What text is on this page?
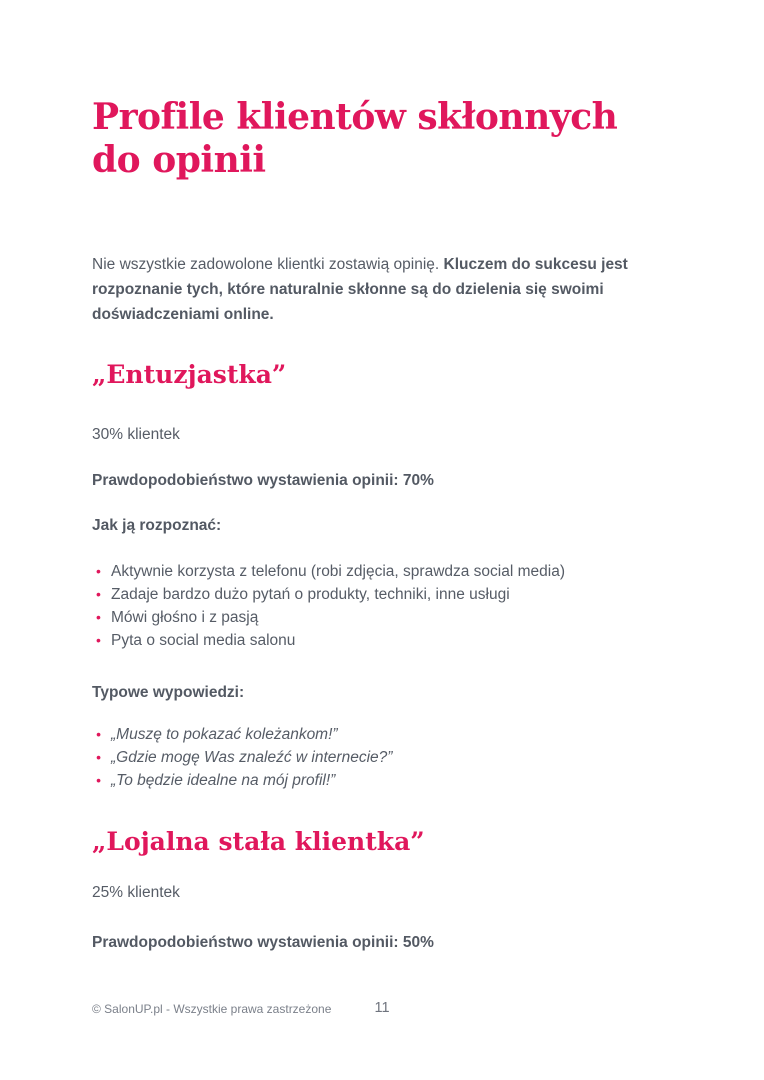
Profile klientów skłonnych do opinii

Nie wszystkie zadowolone klientki zostawią opinię. Kluczem do sukcesu jest rozpoznanie tych, które naturalnie skłonne są do dzielenia się swoimi doświadczeniami online.

„Entuzjastka”

30% klientek

Prawdopodobieństwo wystawienia opinii: 70%

Jak ją rozpoznać:

• Aktywnie korzysta z telefonu (robi zdjęcia, sprawdza social media)
• Zadaje bardzo dużo pytań o produkty, techniki, inne usługi
• Mówi głośno i z pasją
• Pyta o social media salonu

Typowe wypowiedzi:

• „Muszę to pokazać koleżankom!”
• „Gdzie mogę Was znaleźć w internecie?”
• „To będzie idealne na mój profil!”
„Lojalna stała klientka”

25% klientek

Prawdopodobieństwo wystawienia opinii: 50%

© SalonUP.pl - Wszystkie prawa zastrzeżone	11
